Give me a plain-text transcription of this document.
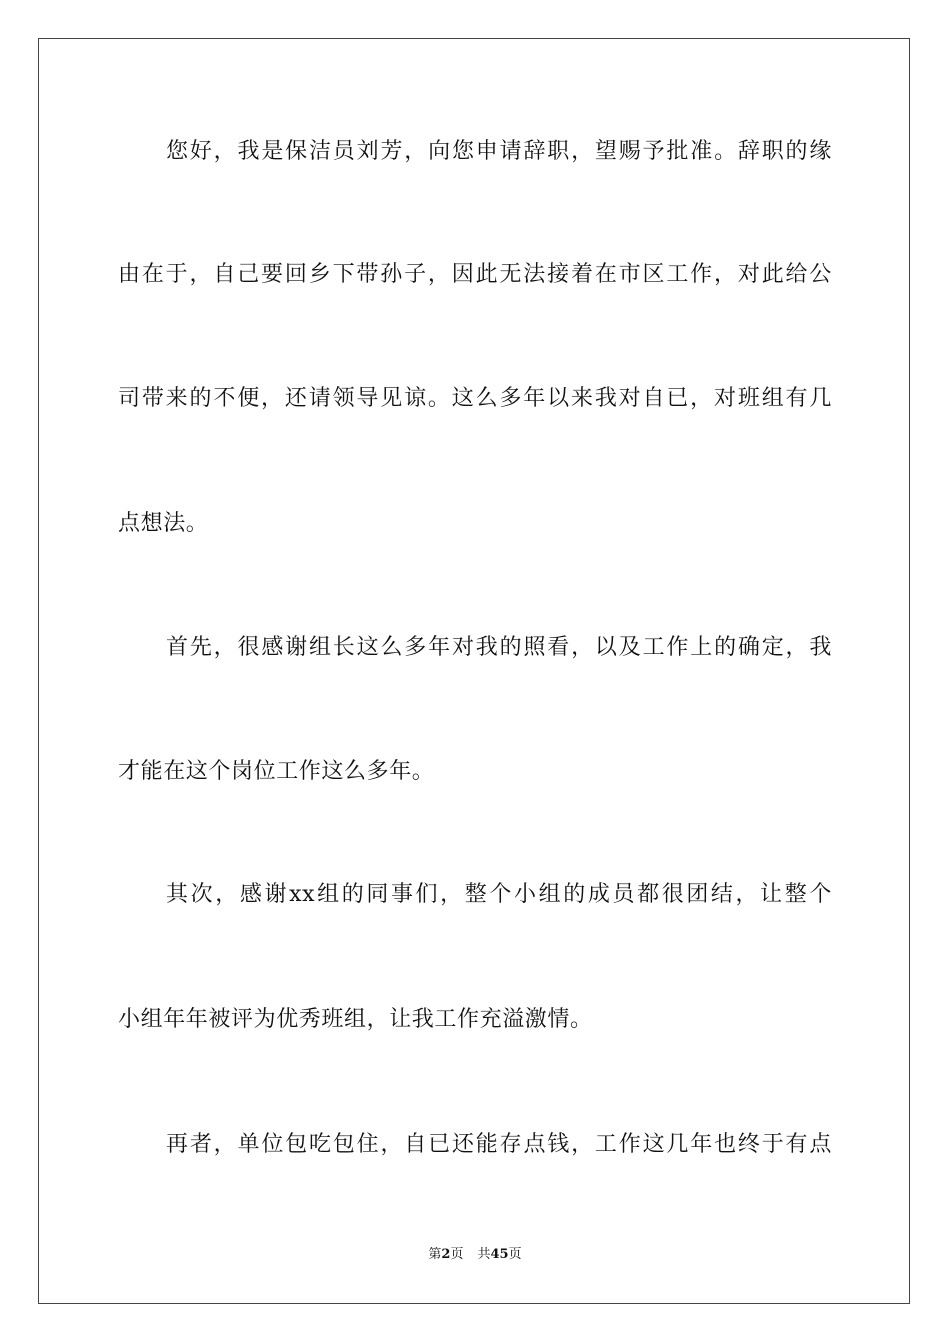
您好，我是保洁员刘芳，向您申请辞职，望赐予批准。辞职的缘
由在于，自己要回乡下带孙子，因此无法接着在市区工作，对此给公
司带来的不便，还请领导见谅。这么多年以来我对自已，对班组有几
点想法。
首先，很感谢组长这么多年对我的照看，以及工作上的确定，我
才能在这个岗位工作这么多年。
其次，感谢xx组的同事们，整个小组的成员都很团结，让整个
小组年年被评为优秀班组，让我工作充溢激情。
再者，单位包吃包住，自已还能存点钱，工作这几年也终于有点
第2页 共45页
